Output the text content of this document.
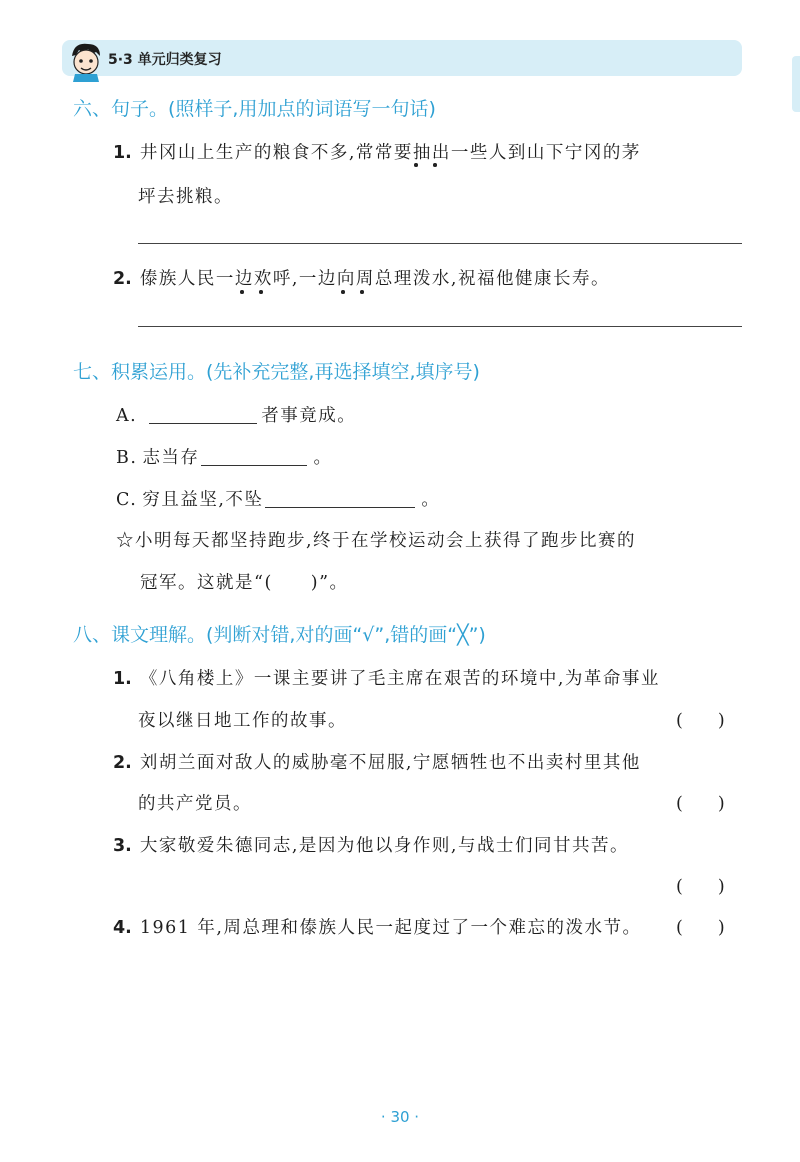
5·3 单元归类复习
六、句子。(照样子,用加点的词语写一句话)
1. 井冈山上生产的粮食不多,常常要抽出一些人到山下宁冈的茅
坪去挑粮。
2. 傣族人民一边欢呼,一边向周总理泼水,祝福他健康长寿。
七、积累运用。(先补充完整,再选择填空,填序号)
A.	者事竟成。
B.  志当存	。
C.  穷且益坚,不坠	。
☆小明每天都坚持跑步,终于在学校运动会上获得了跑步比赛的
冠军。这就是“(　　)”。
八、课文理解。(判断对错,对的画“√”,错的画“╳”)
1. 《八角楼上》一课主要讲了毛主席在艰苦的环境中,为革命事业
夜以继日地工作的故事。	(　　)
2. 刘胡兰面对敌人的威胁毫不屈服,宁愿牺牲也不出卖村里其他
的共产党员。	(　　)
3. 大家敬爱朱德同志,是因为他以身作则,与战士们同甘共苦。
(　　)
4. 1961 年,周总理和傣族人民一起度过了一个难忘的泼水节。 (　　)
· 30 ·
